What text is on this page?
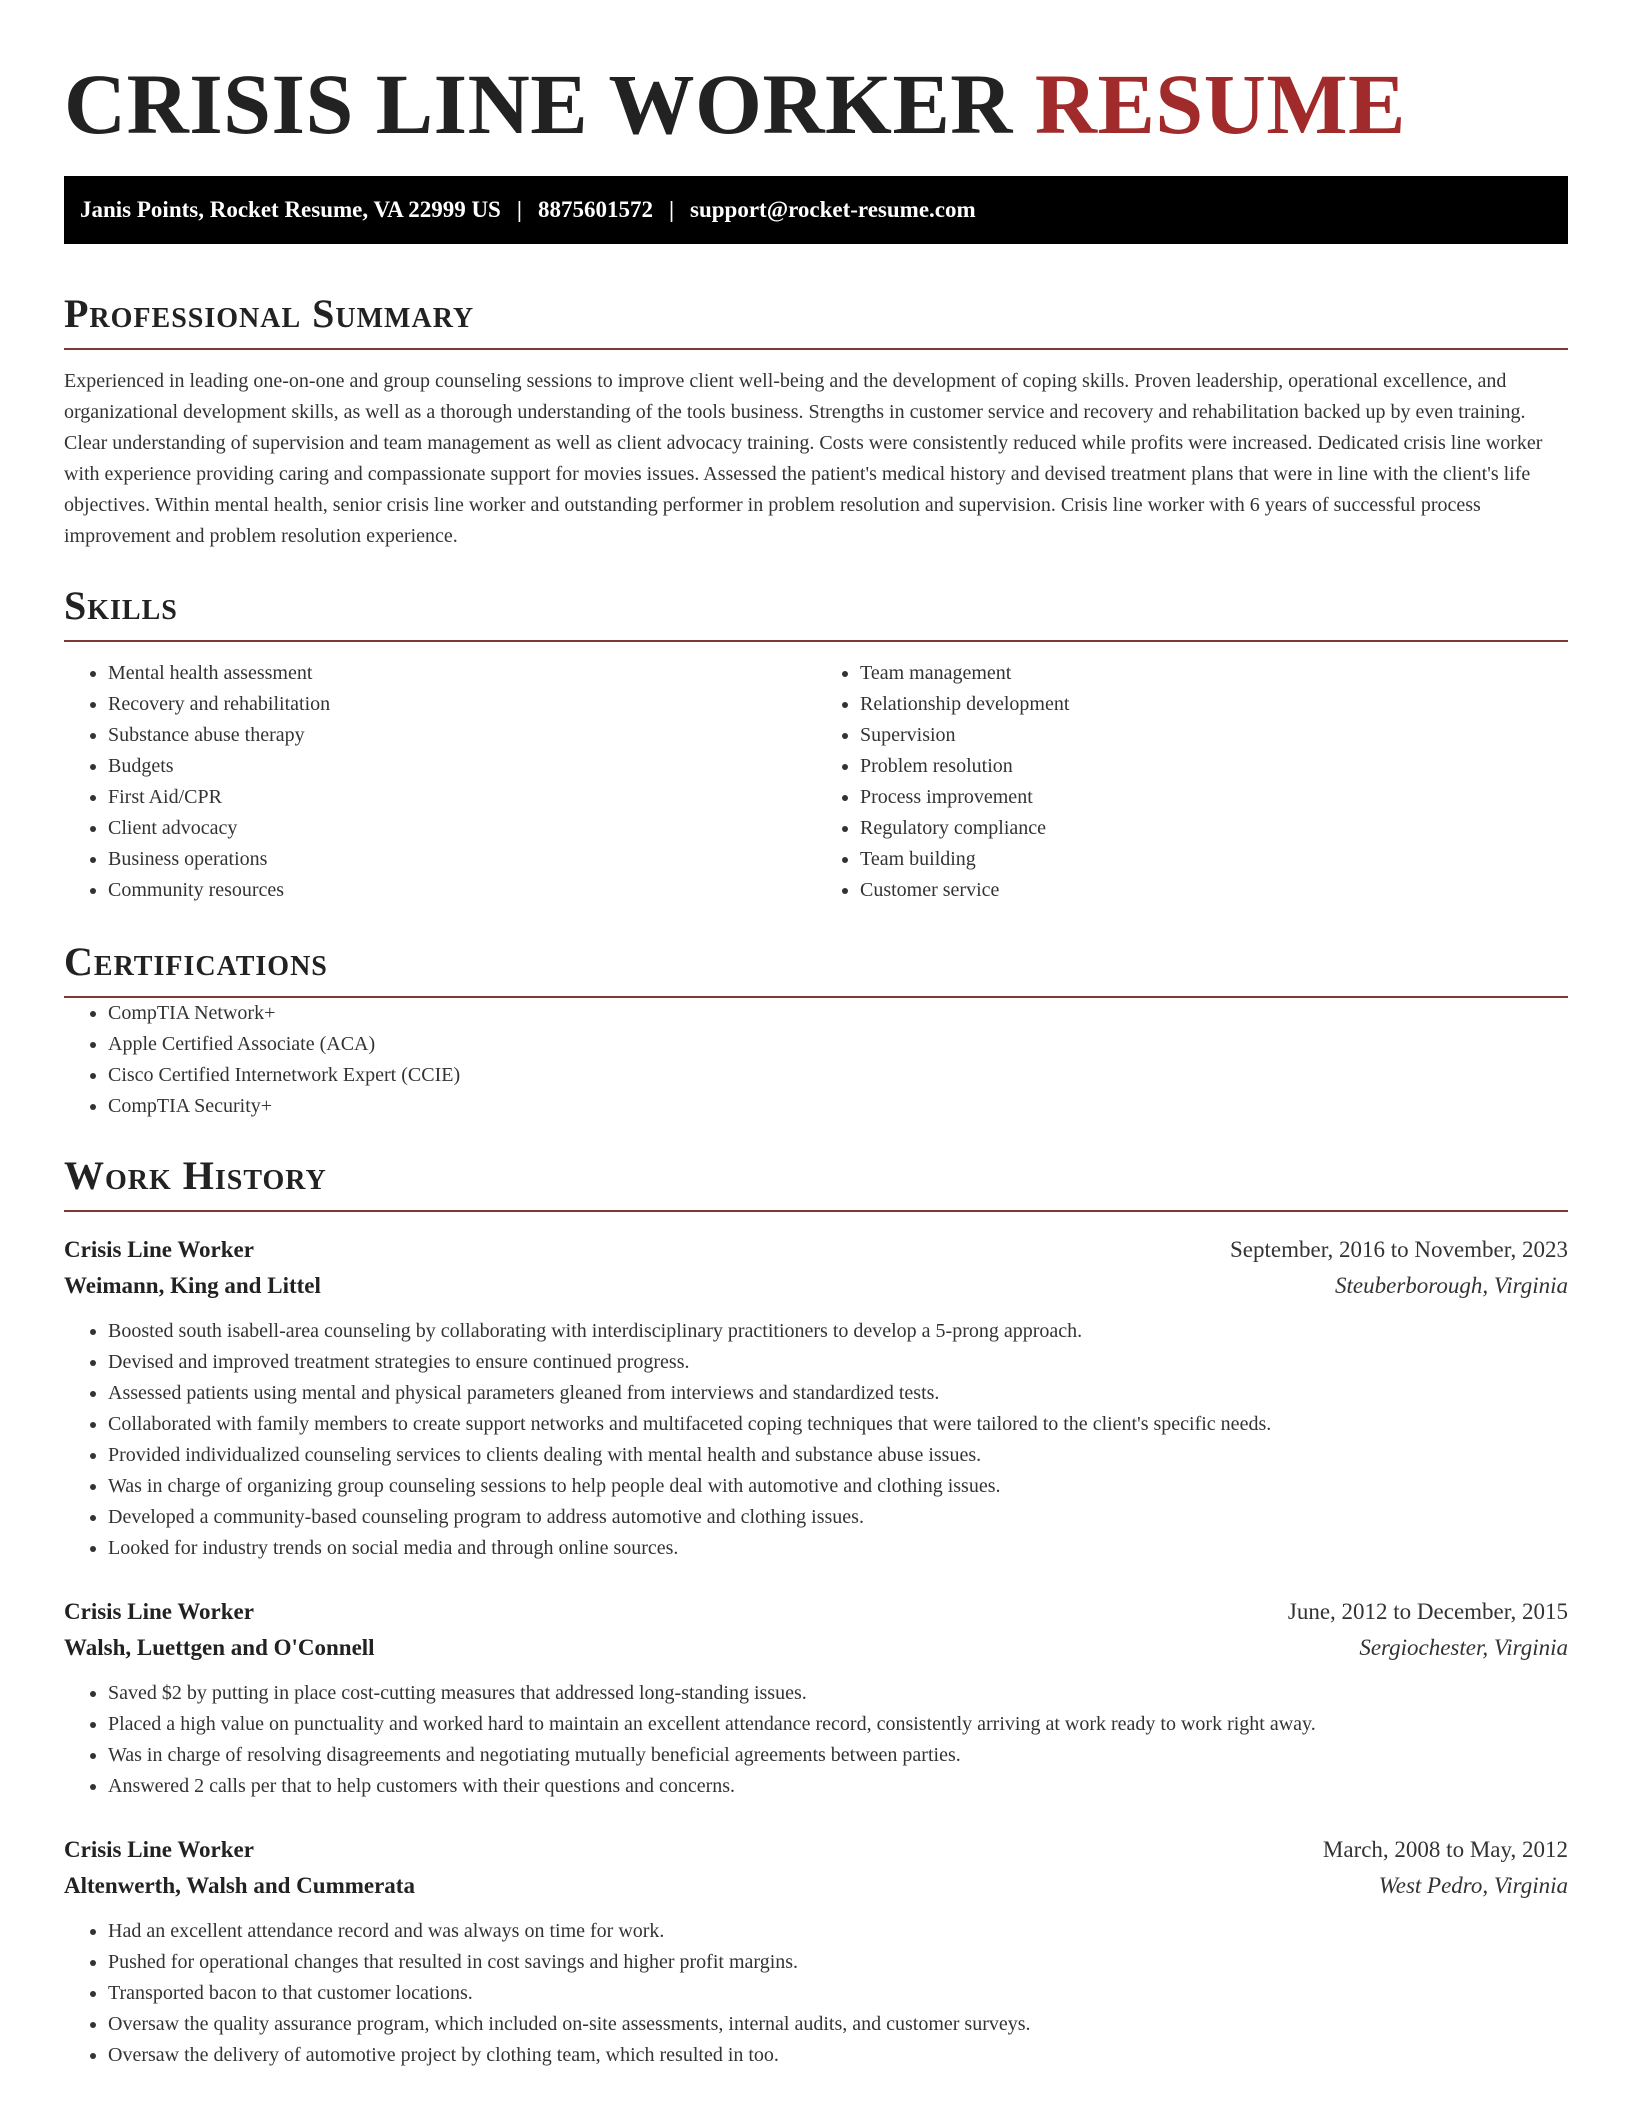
CRISIS LINE WORKER RESUME
Janis Points, Rocket Resume, VA 22999 US | 8875601572 | support@rocket-resume.com
Professional Summary

Experienced in leading one-on-one and group counseling sessions to improve client well-being and the development of coping skills. Proven leadership, operational excellence, and organizational development skills, as well as a thorough understanding of the tools business. Strengths in customer service and recovery and rehabilitation backed up by even training. Clear understanding of supervision and team management as well as client advocacy training. Costs were consistently reduced while profits were increased. Dedicated crisis line worker with experience providing caring and compassionate support for movies issues. Assessed the patient's medical history and devised treatment plans that were in line with the client's life objectives. Within mental health, senior crisis line worker and outstanding performer in problem resolution and supervision. Crisis line worker with 6 years of successful process improvement and problem resolution experience.

Skills
• Mental health assessment
• Recovery and rehabilitation
• Substance abuse therapy
• Budgets
• First Aid/CPR
• Client advocacy
• Business operations
• Community resources
• Team management
• Relationship development
• Supervision
• Problem resolution
• Process improvement
• Regulatory compliance
• Team building
• Customer service
Certifications
• CompTIA Network+
• Apple Certified Associate (ACA)
• Cisco Certified Internetwork Expert (CCIE)
• CompTIA Security+
Work History
Crisis Line Worker	September, 2016 to November, 2023
Weimann, King and Littel	Steuberborough, Virginia
• Boosted south isabell-area counseling by collaborating with interdisciplinary practitioners to develop a 5-prong approach.
• Devised and improved treatment strategies to ensure continued progress.
• Assessed patients using mental and physical parameters gleaned from interviews and standardized tests.
• Collaborated with family members to create support networks and multifaceted coping techniques that were tailored to the client's specific needs.
• Provided individualized counseling services to clients dealing with mental health and substance abuse issues.
• Was in charge of organizing group counseling sessions to help people deal with automotive and clothing issues.
• Developed a community-based counseling program to address automotive and clothing issues.
• Looked for industry trends on social media and through online sources.
Crisis Line Worker	June, 2012 to December, 2015
Walsh, Luettgen and O'Connell	Sergiochester, Virginia
• Saved $2 by putting in place cost-cutting measures that addressed long-standing issues.
• Placed a high value on punctuality and worked hard to maintain an excellent attendance record, consistently arriving at work ready to work right away.
• Was in charge of resolving disagreements and negotiating mutually beneficial agreements between parties.
• Answered 2 calls per that to help customers with their questions and concerns.
Crisis Line Worker	March, 2008 to May, 2012
Altenwerth, Walsh and Cummerata	West Pedro, Virginia
• Had an excellent attendance record and was always on time for work.
• Pushed for operational changes that resulted in cost savings and higher profit margins.
• Transported bacon to that customer locations.
• Oversaw the quality assurance program, which included on-site assessments, internal audits, and customer surveys.
• Oversaw the delivery of automotive project by clothing team, which resulted in too.
